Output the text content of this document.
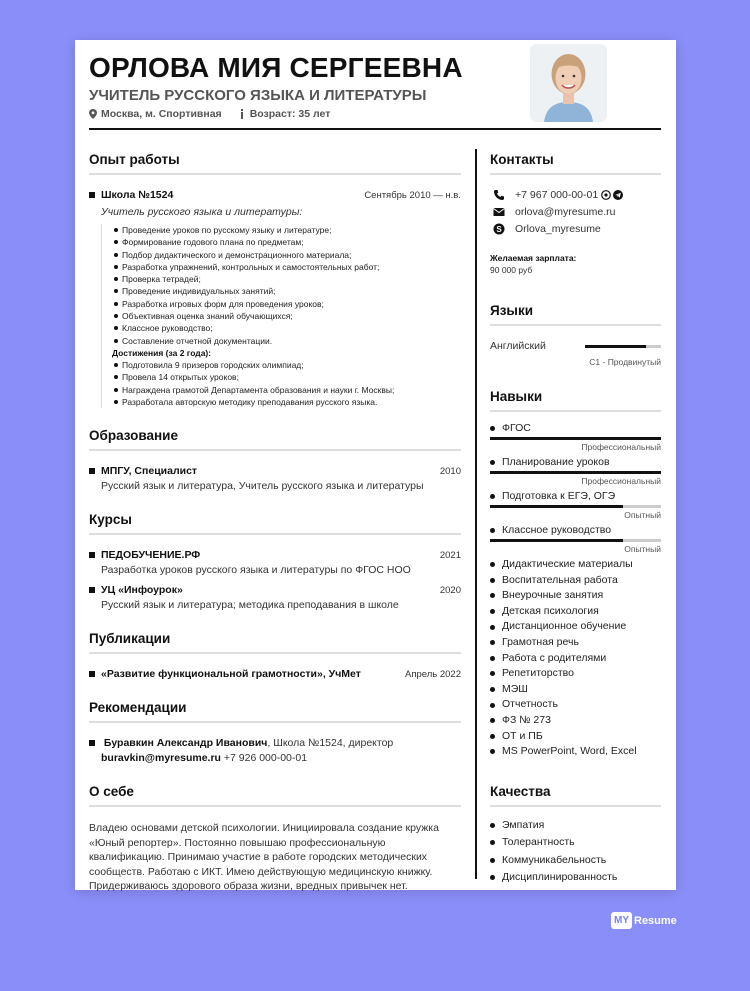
ОРЛОВА МИЯ СЕРГЕЕВНА
УЧИТЕЛЬ РУССКОГО ЯЗЫКА И ЛИТЕРАТУРЫ
Москва, м. Спортивная	Возраст: 35 лет
Опыт работы
Школа №1524	Сентябрь 2010 — н.в.
Учитель русского языка и литературы:
Проведение уроков по русскому языку и литературе;
Формирование годового плана по предметам;
Подбор дидактического и демонстрационного материала;
Разработка упражнений, контрольных и самостоятельных работ;
Проверка тетрадей;
Проведение индивидуальных занятий;
Разработка игровых форм для проведения уроков;
Объективная оценка знаний обучающихся;
Классное руководство;
Составление отчетной документации.
Достижения (за 2 года):
Подготовила 9 призеров городских олимпиад;
Провела 14 открытых уроков;
Награждена грамотой Департамента образования и науки г. Москвы;
Разработала авторскую методику преподавания русского языка.
Образование
МПГУ, Специалист	2010
Русский язык и литература, Учитель русского языка и литературы
Курсы
ПЕДОБУЧЕНИЕ.РФ	2021
Разработка уроков русского языка и литературы по ФГОС НОО
УЦ «Инфоурок»	2020
Русский язык и литература; методика преподавания в школе
Публикации
«Развитие функциональной грамотности», УчМет	Апрель 2022
Рекомендации
Буравкин Александр Иванович, Школа №1524, директор
buravkin@myresume.ru +7 926 000-00-01
О себе
Владею основами детской психологии. Инициировала создание кружка «Юный репортер». Постоянно повышаю профессиональную квалификацию. Принимаю участие в работе городских методических сообществ. Работаю с ИКТ. Имею действующую медицинскую книжку. Придерживаюсь здорового образа жизни, вредных привычек нет.
Контакты
+7 967 000-00-01
orlova@myresume.ru
S Orlova_myresume
Желаемая зарплата:
90 000 руб
Языки
Английский
C1 - Продвинутый
Навыки
ФГОС
Профессиональный
Планирование уроков
Профессиональный
Подготовка к ЕГЭ, ОГЭ
Опытный
Классное руководство
Опытный
Дидактические материалы
Воспитательная работа
Внеурочные занятия
Детская психология
Дистанционное обучение
Грамотная речь
Работа с родителями
Репетиторство
МЭШ
Отчетность
ФЗ № 273
ОТ и ПБ
MS PowerPoint, Word, Excel
Качества
Эмпатия
Толерантность
Коммуникабельность
Дисциплинированность
MY Resume
